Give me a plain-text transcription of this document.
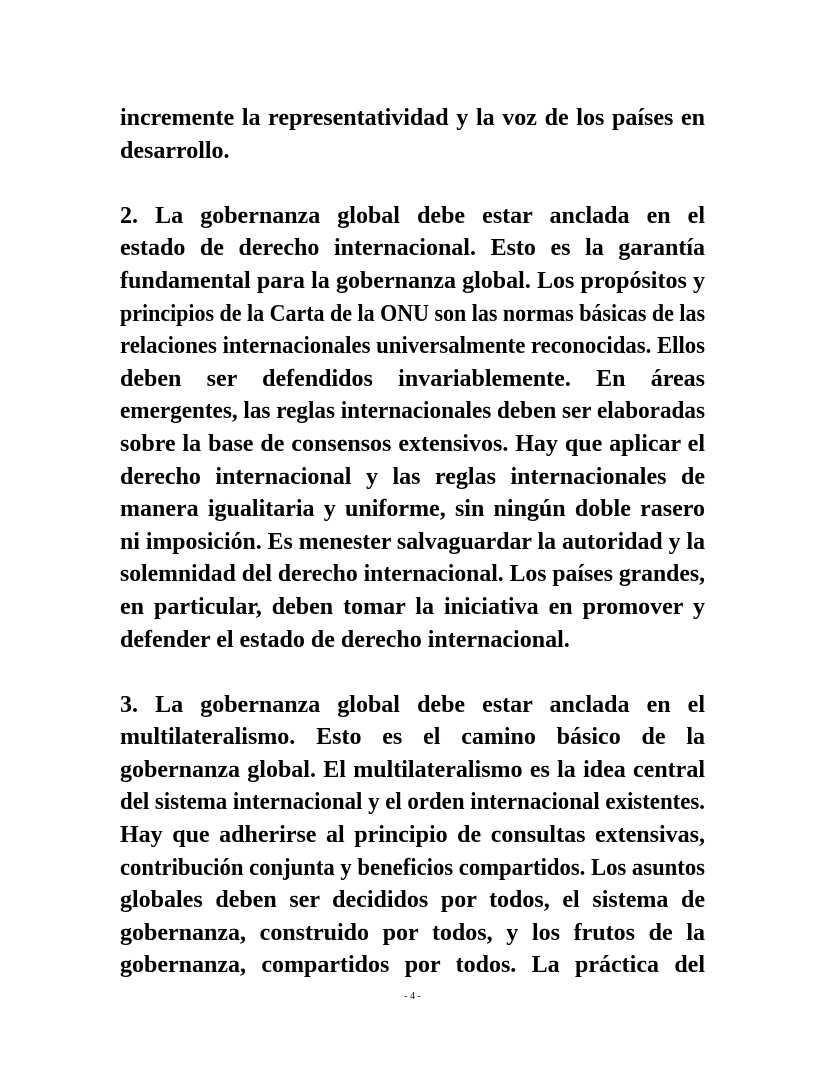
incremente la representatividad y la voz de los países en
desarrollo.
2. La gobernanza global debe estar anclada en el
estado de derecho internacional. Esto es la garantía
fundamental para la gobernanza global. Los propósitos y
principios de la Carta de la ONU son las normas básicas de las
relaciones internacionales universalmente reconocidas. Ellos
deben ser defendidos invariablemente. En áreas
emergentes, las reglas internacionales deben ser elaboradas
sobre la base de consensos extensivos. Hay que aplicar el
derecho internacional y las reglas internacionales de
manera igualitaria y uniforme, sin ningún doble rasero
ni imposición. Es menester salvaguardar la autoridad y la
solemnidad del derecho internacional. Los países grandes,
en particular, deben tomar la iniciativa en promover y
defender el estado de derecho internacional.
3. La gobernanza global debe estar anclada en el
multilateralismo. Esto es el camino básico de la
gobernanza global. El multilateralismo es la idea central
del sistema internacional y el orden internacional existentes.
Hay que adherirse al principio de consultas extensivas,
contribución conjunta y beneficios compartidos. Los asuntos
globales deben ser decididos por todos, el sistema de
gobernanza, construido por todos, y los frutos de la
gobernanza, compartidos por todos. La práctica del
- 4 -
